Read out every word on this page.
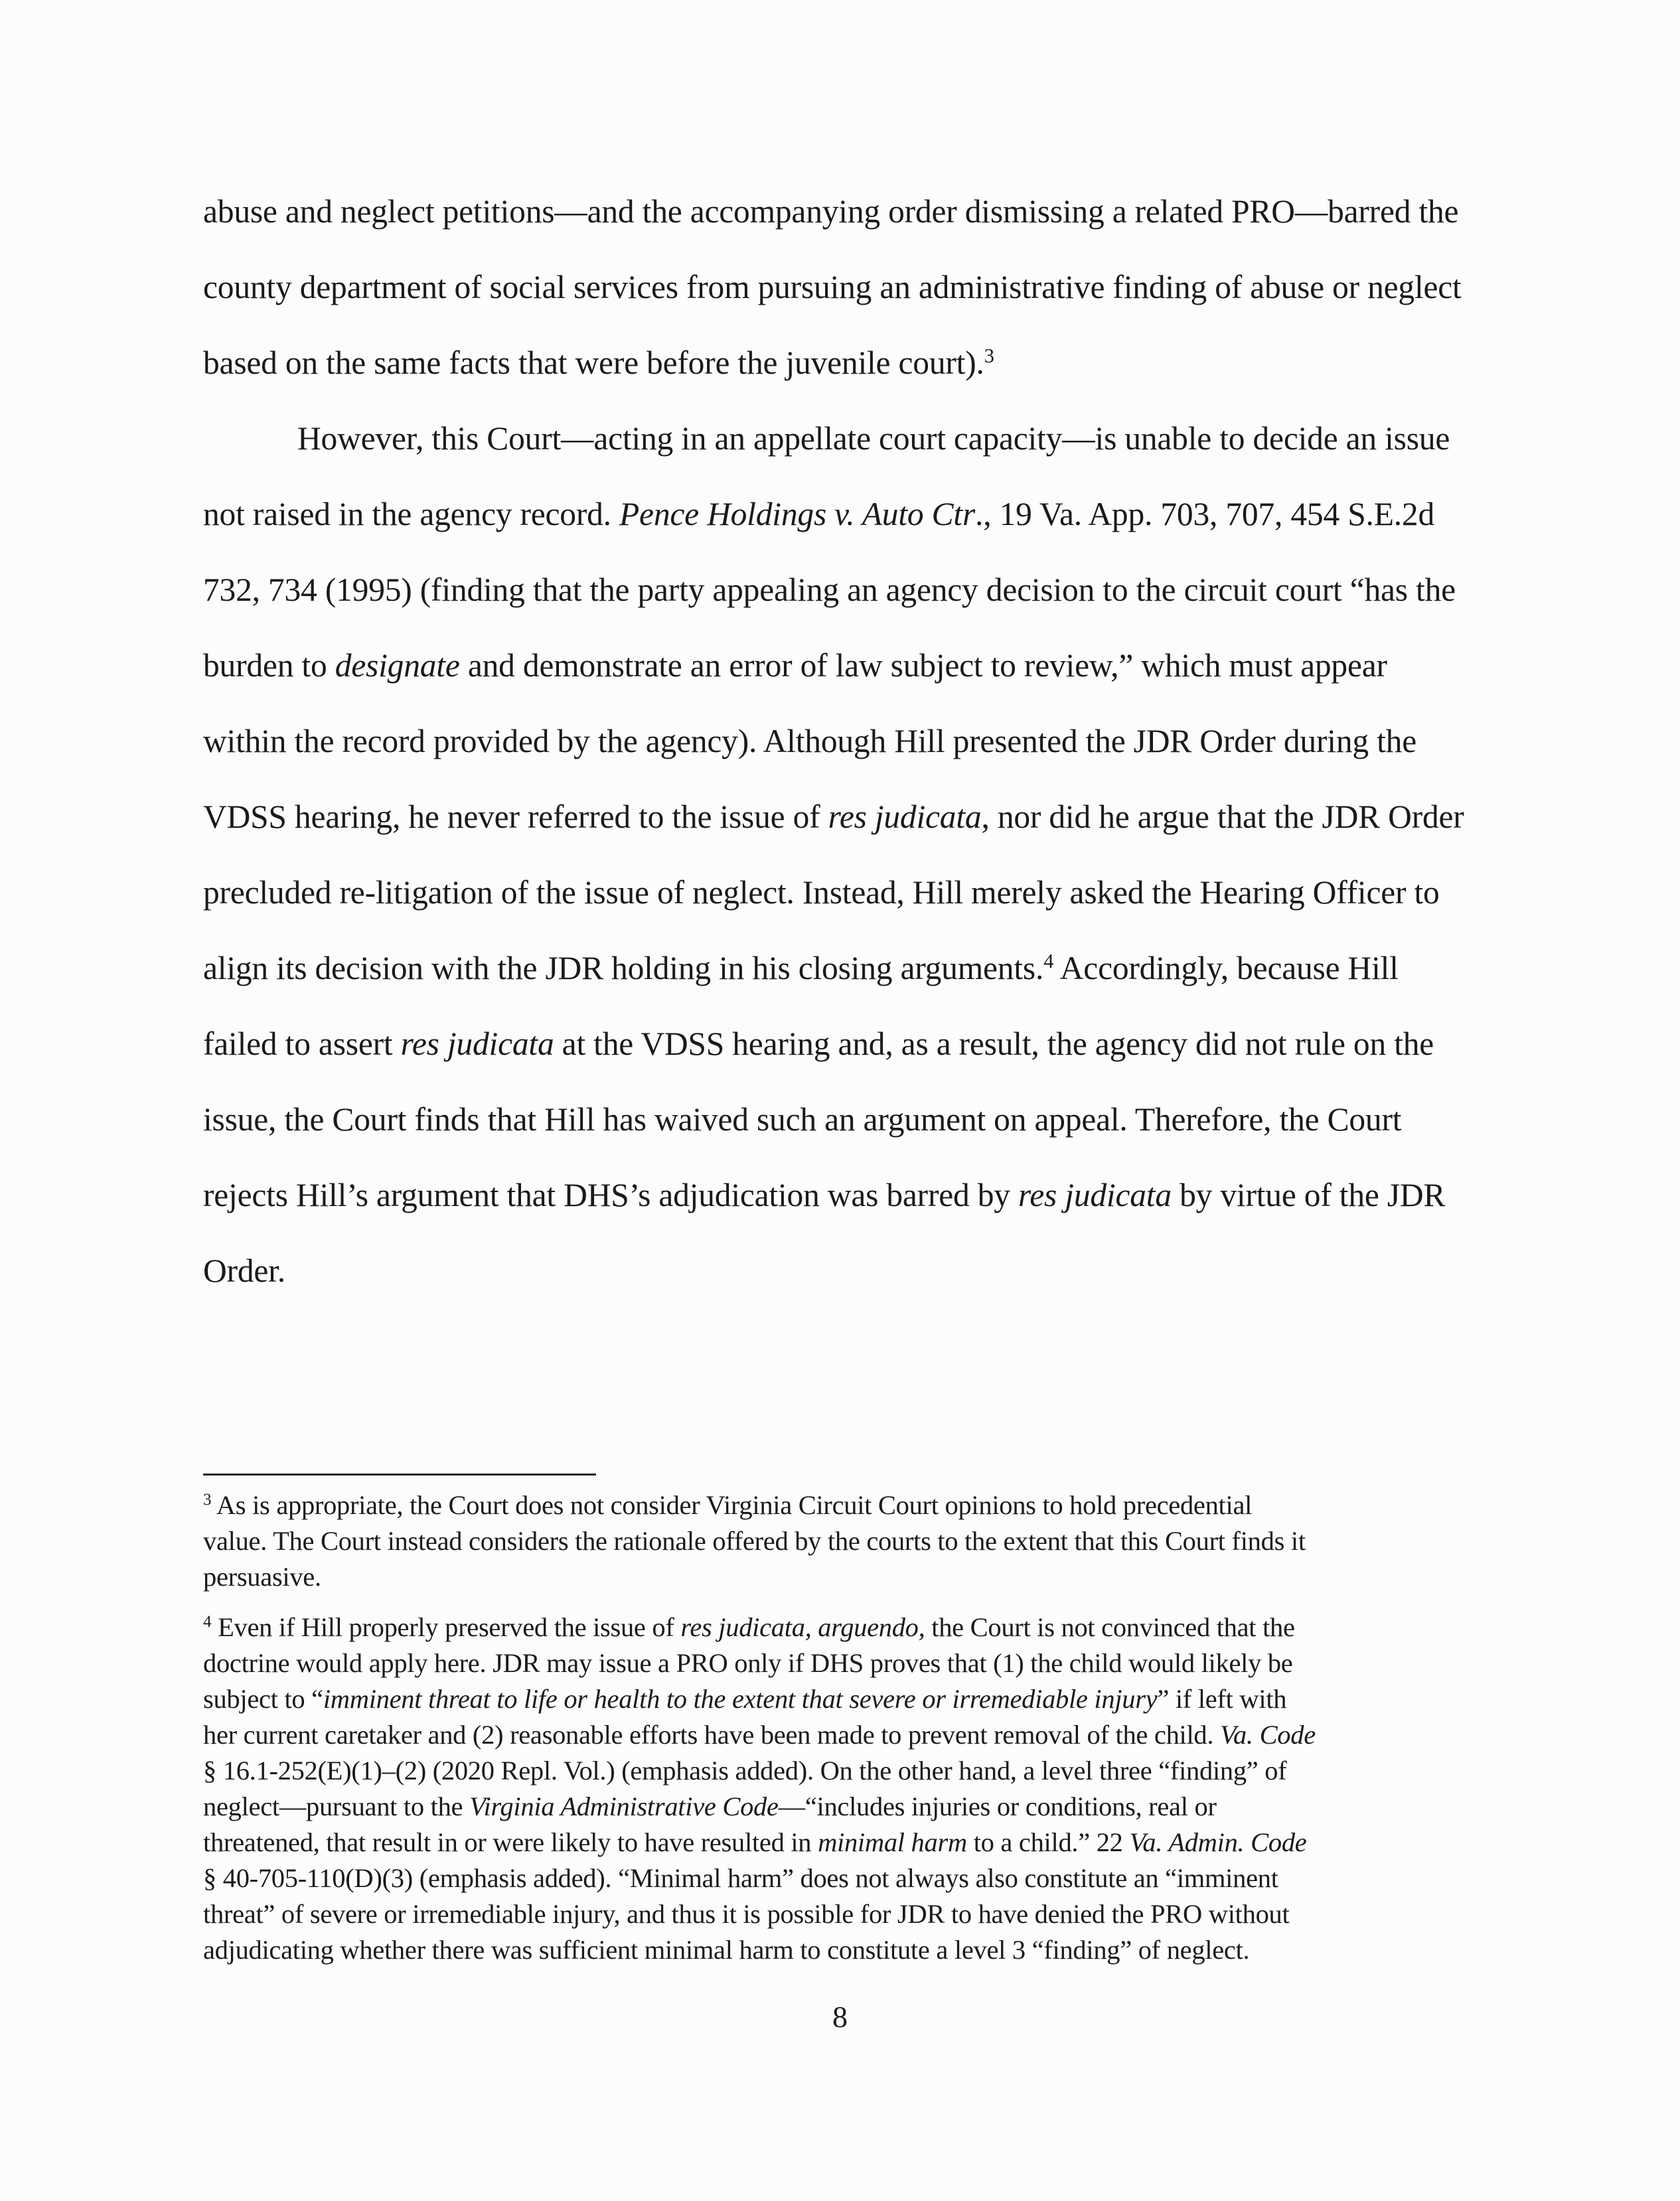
abuse and neglect petitions—and the accompanying order dismissing a related PRO—barred the
county department of social services from pursuing an administrative finding of abuse or neglect
based on the same facts that were before the juvenile court).$^3$
However, this Court—acting in an appellate court capacity—is unable to decide an issue
not raised in the agency record. Pence Holdings v. Auto Ctr., 19 Va. App. 703, 707, 454 S.E.2d
732, 734 (1995) (finding that the party appealing an agency decision to the circuit court “has the
burden to designate and demonstrate an error of law subject to review,” which must appear
within the record provided by the agency). Although Hill presented the JDR Order during the
VDSS hearing, he never referred to the issue of res judicata, nor did he argue that the JDR Order
precluded re-litigation of the issue of neglect. Instead, Hill merely asked the Hearing Officer to
align its decision with the JDR holding in his closing arguments.$^4$ Accordingly, because Hill
failed to assert res judicata at the VDSS hearing and, as a result, the agency did not rule on the
issue, the Court finds that Hill has waived such an argument on appeal. Therefore, the Court
rejects Hill’s argument that DHS’s adjudication was barred by res judicata by virtue of the JDR
Order.
$^3$ As is appropriate, the Court does not consider Virginia Circuit Court opinions to hold precedential
value. The Court instead considers the rationale offered by the courts to the extent that this Court finds it
persuasive.
$^4$ Even if Hill properly preserved the issue of res judicata, arguendo, the Court is not convinced that the
doctrine would apply here. JDR may issue a PRO only if DHS proves that (1) the child would likely be
subject to “imminent threat to life or health to the extent that severe or irremediable injury” if left with
her current caretaker and (2) reasonable efforts have been made to prevent removal of the child. Va. Code
§ 16.1-252(E)(1)–(2) (2020 Repl. Vol.) (emphasis added). On the other hand, a level three “finding” of
neglect—pursuant to the Virginia Administrative Code—“includes injuries or conditions, real or
threatened, that result in or were likely to have resulted in minimal harm to a child.” 22 Va. Admin. Code
§ 40-705-110(D)(3) (emphasis added). “Minimal harm” does not always also constitute an “imminent
threat” of severe or irremediable injury, and thus it is possible for JDR to have denied the PRO without
adjudicating whether there was sufficient minimal harm to constitute a level 3 “finding” of neglect.
8
